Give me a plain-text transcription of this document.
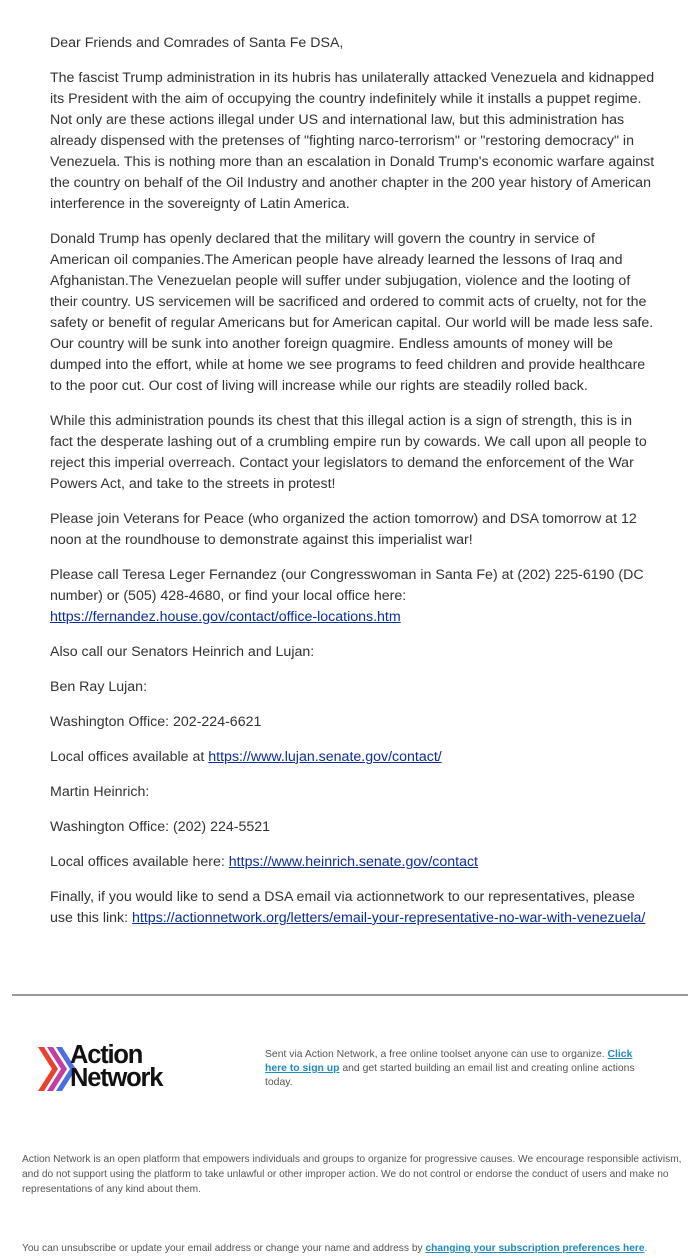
Dear Friends and Comrades of Santa Fe DSA,

The fascist Trump administration in its hubris has unilaterally attacked Venezuela and kidnapped its President with the aim of occupying the country indefinitely while it installs a puppet regime. Not only are these actions illegal under US and international law, but this administration has already dispensed with the pretenses of "fighting narco-terrorism" or "restoring democracy" in Venezuela. This is nothing more than an escalation in Donald Trump's economic warfare against the country on behalf of the Oil Industry and another chapter in the 200 year history of American interference in the sovereignty of Latin America.

Donald Trump has openly declared that the military will govern the country in service of American oil companies.The American people have already learned the lessons of Iraq and Afghanistan.The Venezuelan people will suffer under subjugation, violence and the looting of their country. US servicemen will be sacrificed and ordered to commit acts of cruelty, not for the safety or benefit of regular Americans but for American capital. Our world will be made less safe. Our country will be sunk into another foreign quagmire. Endless amounts of money will be dumped into the effort, while at home we see programs to feed children and provide healthcare to the poor cut. Our cost of living will increase while our rights are steadily rolled back.

While this administration pounds its chest that this illegal action is a sign of strength, this is in fact the desperate lashing out of a crumbling empire run by cowards. We call upon all people to reject this imperial overreach. Contact your legislators to demand the enforcement of the War Powers Act, and take to the streets in protest!

Please join Veterans for Peace (who organized the action tomorrow) and DSA tomorrow at 12 noon at the roundhouse to demonstrate against this imperialist war!

Please call Teresa Leger Fernandez (our Congresswoman in Santa Fe) at (202) 225-6190 (DC number) or (505) 428-4680, or find your local office here:
https://fernandez.house.gov/contact/office-locations.htm

Also call our Senators Heinrich and Lujan:

Ben Ray Lujan:

Washington Office: 202-224-6621

Local offices available at https://www.lujan.senate.gov/contact/

Martin Heinrich:

Washington Office: (202) 224-5521

Local offices available here: https://www.heinrich.senate.gov/contact

Finally, if you would like to send a DSA email via actionnetwork to our representatives, please use this link: https://actionnetwork.org/letters/email-your-representative-no-war-with-venezuela/

Action
Network
Sent via Action Network, a free online toolset anyone can use to organize. Click here to sign up and get started building an email list and creating online actions today.
Action Network is an open platform that empowers individuals and groups to organize for progressive causes. We encourage responsible activism, and do not support using the platform to take unlawful or other improper action. We do not control or endorse the conduct of users and make no representations of any kind about them.
You can unsubscribe or update your email address or change your name and address by changing your subscription preferences here.
